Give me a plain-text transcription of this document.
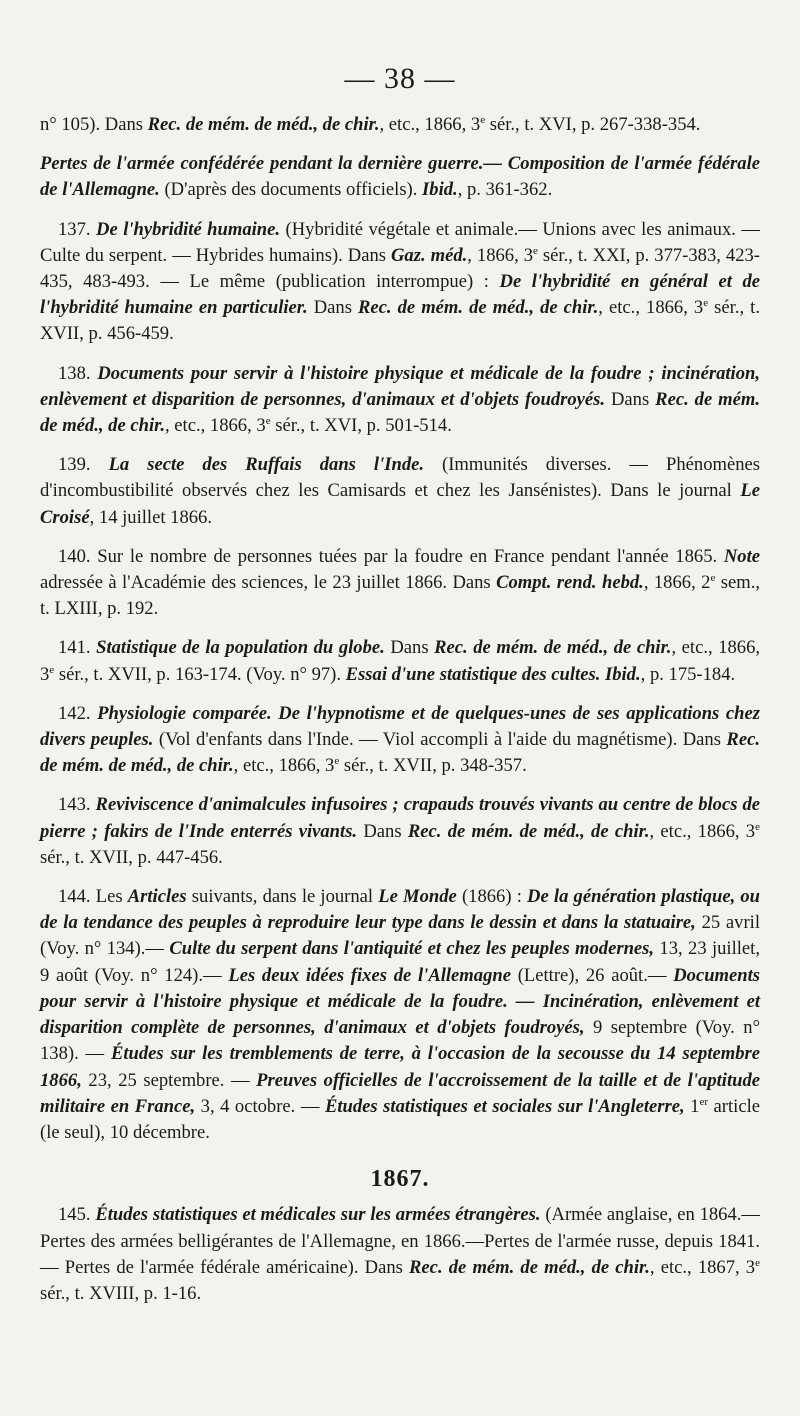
— 38 —

n° 105). Dans Rec. de mém. de méd., de chir., etc., 1866, 3e sér., t. XVI, p. 267-338-354.

Pertes de l'armée confédérée pendant la dernière guerre.— Composition de l'armée fédérale de l'Allemagne. (D'après des documents officiels). Ibid., p. 361-362.

137. De l'hybridité humaine. (Hybridité végétale et animale.— Unions avec les animaux. — Culte du serpent. — Hybrides humains). Dans Gaz. méd., 1866, 3e sér., t. XXI, p. 377-383, 423-435, 483-493. — Le même (publication interrompue) : De l'hybridité en général et de l'hybridité humaine en particulier. Dans Rec. de mém. de méd., de chir., etc., 1866, 3e sér., t. XVII, p. 456-459.

138. Documents pour servir à l'histoire physique et médicale de la foudre ; incinération, enlèvement et disparition de personnes, d'animaux et d'objets foudroyés. Dans Rec. de mém. de méd., de chir., etc., 1866, 3e sér., t. XVI, p. 501-514.

139. La secte des Ruffais dans l'Inde. (Immunités diverses. — Phénomènes d'incombustibilité observés chez les Camisards et chez les Jansénistes). Dans le journal Le Croisé, 14 juillet 1866.

140. Sur le nombre de personnes tuées par la foudre en France pendant l'année 1865. Note adressée à l'Académie des sciences, le 23 juillet 1866. Dans Compt. rend. hebd., 1866, 2e sem., t. LXIII, p. 192.

141. Statistique de la population du globe. Dans Rec. de mém. de méd., de chir., etc., 1866, 3e sér., t. XVII, p. 163-174. (Voy. n° 97). Essai d'une statistique des cultes. Ibid., p. 175-184.

142. Physiologie comparée. De l'hypnotisme et de quelques-unes de ses applications chez divers peuples. (Vol d'enfants dans l'Inde. — Viol accompli à l'aide du magnétisme). Dans Rec. de mém. de méd., de chir., etc., 1866, 3e sér., t. XVII, p. 348-357.

143. Reviviscence d'animalcules infusoires ; crapauds trouvés vivants au centre de blocs de pierre ; fakirs de l'Inde enterrés vivants. Dans Rec. de mém. de méd., de chir., etc., 1866, 3e sér., t. XVII, p. 447-456.

144. Les Articles suivants, dans le journal Le Monde (1866) : De la génération plastique, ou de la tendance des peuples à reproduire leur type dans le dessin et dans la statuaire, 25 avril (Voy. n° 134).— Culte du serpent dans l'antiquité et chez les peuples modernes, 13, 23 juillet, 9 août (Voy. n° 124).— Les deux idées fixes de l'Allemagne (Lettre), 26 août.— Documents pour servir à l'histoire physique et médicale de la foudre. — Incinération, enlèvement et disparition complète de personnes, d'animaux et d'objets foudroyés, 9 septembre (Voy. n° 138). — Études sur les tremblements de terre, à l'occasion de la secousse du 14 septembre 1866, 23, 25 septembre. — Preuves officielles de l'accroissement de la taille et de l'aptitude militaire en France, 3, 4 octobre. — Études statistiques et sociales sur l'Angleterre, 1er article (le seul), 10 décembre.

1867.

145. Études statistiques et médicales sur les armées étrangères. (Armée anglaise, en 1864.—Pertes des armées belligérantes de l'Allemagne, en 1866.—Pertes de l'armée russe, depuis 1841. — Pertes de l'armée fédérale américaine). Dans Rec. de mém. de méd., de chir., etc., 1867, 3e sér., t. XVIII, p. 1-16.
